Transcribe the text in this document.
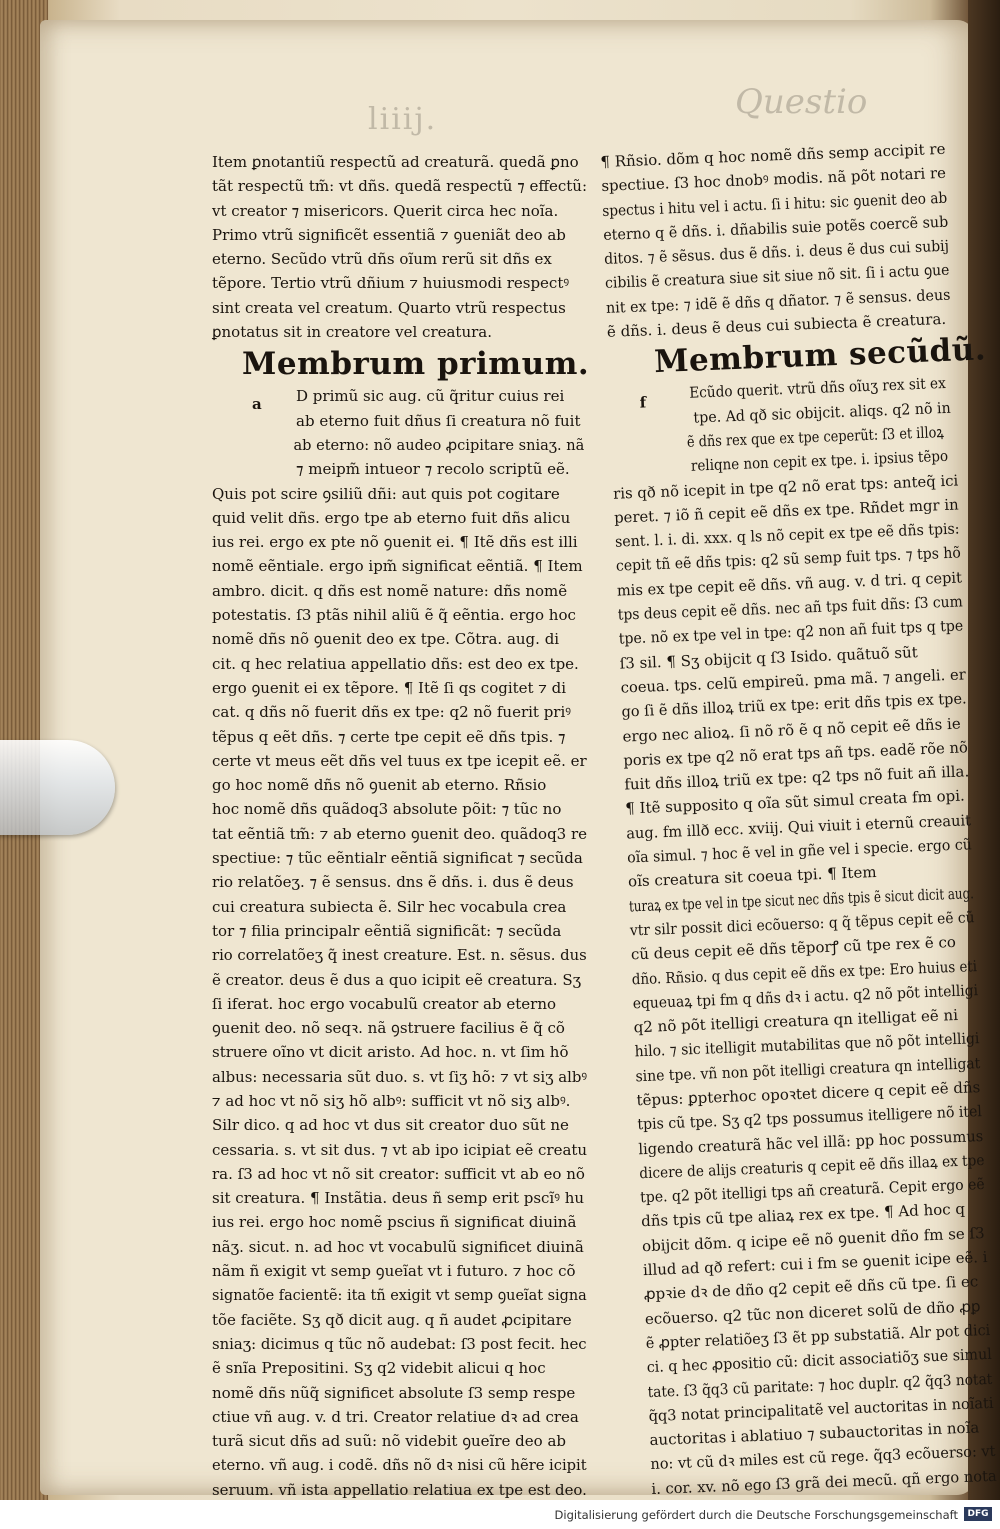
liiij.	Questio
Item ꝑnotantiũ respectũ ad creaturã. quedã ꝑno
tãt respectũ tm̃: vt dñs. quedã respectũ ⁊ effectũ:
vt creator ⁊ misericors. Querit circa hec noĩa.
Primo vtrũ significẽt essentiã ⁊ ꝯueniãt deo ab
eterno. Secũdo vtrũ dñs oĩum rerũ sit dñs ex
tẽpore. Tertio vtrũ dñium ⁊ huiusmodi respectꝰ
sint creata vel creatum. Quarto vtrũ respectus
ꝑnotatus sit in creatore vel creatura.
Membrum primum.
a	D primũ sic aug. cũ q̃ritur cuius rei
ab eterno fuit dñus ſi creatura nõ fuit
ab eterno: nõ audeo ꝓcipitare sniaʒ. nã
⁊ meipm̃ intueor ⁊ recolo scriptũ eẽ.
Quis pot scire ꝯsiliũ dñi: aut quis pot cogitare
quid velit dñs. ergo tpe ab eterno fuit dñs alicu
ius rei. ergo ex pte nõ ꝯuenit ei. ¶ Itẽ dñs est illi
nomẽ eẽntiale. ergo ipm̃ significat eẽntiã. ¶ Item
ambro. dicit. q dñs est nomẽ nature: dñs nomẽ
potestatis. ſ3 ptãs nihil aliũ ẽ q̃ eẽntia. ergo hoc
nomẽ dñs nõ ꝯuenit deo ex tpe. Cõtra. aug. di
cit. q hec relatiua appellatio dñs: est deo ex tpe.
ergo ꝯuenit ei ex tẽpore. ¶ Itẽ ſi qs cogitet ⁊ di
cat. q dñs nõ fuerit dñs ex tpe: q2 nõ fuerit priꝰ
tẽpus q eẽt dñs. ⁊ certe tpe cepit eẽ dñs tpis. ⁊
certe vt meus eẽt dñs vel tuus ex tpe icepit eẽ. er
go hoc nomẽ dñs nõ ꝯuenit ab eterno. Rñsio
hoc nomẽ dñs quãdoq3 absolute põit: ⁊ tũc no
tat eẽntiã tm̃: ⁊ ab eterno ꝯuenit deo. quãdoq3 re
spectiue: ⁊ tũc eẽntialr eẽntiã significat ⁊ secũda
rio relatõeʒ. ⁊ ẽ sensus. dns ẽ dñs. i. dus ẽ deus
cui creatura subiecta ẽ. Silr hec vocabula crea
tor ⁊ filia principalr eẽntiã significãt: ⁊ secũda
rio correlatõeʒ q̃ inest creature. Est. n. sẽsus. dus
ẽ creator. deus ẽ dus a quo icipit eẽ creatura. Sʒ
ſi iferat. hoc ergo vocabulũ creator ab eterno
ꝯuenit deo. nõ seqꝛ. nã ꝯstruere facilius ẽ q̃ cõ
struere oĩno vt dicit aristo. Ad hoc. n. vt ſim hõ
albus: necessaria sũt duo. s. vt ſiʒ hõ: ⁊ vt siʒ albꝰ
⁊ ad hoc vt nõ siʒ hõ albꝰ: sufficit vt nõ siʒ albꝰ.
Silr dico. q ad hoc vt dus sit creator duo sũt ne
cessaria. s. vt sit dus. ⁊ vt ab ipo icipiat eẽ creatu
ra. ſ3 ad hoc vt nõ sit creator: sufficit vt ab eo nõ
sit creatura. ¶ Instãtia. deus ñ semp erit pscĩꝰ hu
ius rei. ergo hoc nomẽ pscius ñ significat diuinã
nãʒ. sicut. n. ad hoc vt vocabulũ significet diuinã
nãm ñ exigit vt semp ꝯueĩat vt i futuro. ⁊ hoc cõ
signatõe facientẽ: ita tñ exigit vt semp ꝯueĩat signa
tõe faciẽte. Sʒ qð dicit aug. q ñ audet ꝓcipitare
sniaʒ: dicimus q tũc nõ audebat: ſ3 post fecit. hec
ẽ snĩa Prepositini. Sʒ q2 videbit alicui q hoc
nomẽ dñs nũq̃ significet absolute ſ3 semp respe
ctiue vñ aug. v. d tri. Creator relatiue dꝛ ad crea
turã sicut dñs ad suũ: nõ videbit ꝯueĩre deo ab
eterno. vñ aug. i codẽ. dñs nõ dꝛ nisi cũ hẽre icipit
seruum. vñ ista appellatio relatiua ex tpe est deo.
¶ Rñsio. dõm q hoc nomẽ dñs semp accipit re
spectiue. ſ3 hoc dnobꝰ modis. nã põt notari re
spectus i hitu vel i actu. ſi i hitu: sic ꝯuenit deo ab
eterno q ẽ dñs. i. dñabilis suie potẽs coercẽ sub
ditos. ⁊ ẽ sẽsus. dus ẽ dñs. i. deus ẽ dus cui subij
cibilis ẽ creatura siue sit siue nõ sit. ſi i actu ꝯue
nit ex tpe: ⁊ idẽ ẽ dñs q dñator. ⁊ ẽ sensus. deus
ẽ dñs. i. deus ẽ deus cui subiecta ẽ creatura.
Membrum secũdũ.
f
Ecũdo querit. vtrũ dñs oĩuʒ rex sit ex
tpe. Ad qð sic obijcit. aliqs. q2 nõ in
ẽ dñs rex que ex tpe ceperũt: ſ3 et illoꝝ
reliqne non cepit ex tpe. i. ipsius tẽpo
ris qð nõ icepit in tpe q2 nõ erat tps: anteq̃ ici
peret. ⁊ iõ ñ cepit eẽ dñs ex tpe. Rñdet mgr in
sent. l. i. di. xxx. q ls nõ cepit ex tpe eẽ dñs tpis:
cepit tñ eẽ dñs tpis: q2 sũ semp fuit tps. ⁊ tps hõ
mis ex tpe cepit eẽ dñs. vñ aug. v. d tri. q cepit
tps deus cepit eẽ dñs. nec añ tps fuit dñs: ſ3 cum
tpe. nõ ex tpe vel in tpe: q2 non añ fuit tps q tpe
ſ3 sil. ¶ Sʒ obijcit q ſ3 Isido. quãtuõ sũt
coeua. tps. celũ empireũ. pma mã. ⁊ angeli. er
go ſi ẽ dñs illoꝝ triũ ex tpe: erit dñs tpis ex tpe.
ergo nec alioꝝ. ſi nõ rõ ẽ q nõ cepit eẽ dñs ie
poris ex tpe q2 nõ erat tps añ tps. eadẽ rõe nõ
fuit dñs illoꝝ triũ ex tpe: q2 tps nõ fuit añ illa.
¶ Itẽ supposito q oĩa sũt simul creata fm opi.
aug. fm illð ecc. xviij. Qui viuit i eternũ creauit
oĩa simul. ⁊ hoc ẽ vel in gñe vel i specie. ergo cũ
oĩs creatura sit coeua tpi. ¶ Item
turaꝝ ex tpe vel in tpe sicut nec dñs tpis ẽ sicut dicit aug.
vtr silr possit dici ecõuerso: q q̃ tẽpus cepit eẽ cũ
cũ deus cepit eẽ dñs tẽporꝭ cũ tpe rex ẽ co
dño. Rñsio. q dus cepit eẽ dñs ex tpe: Ero huius eti
equeuaꝝ tpi fm q dñs dꝛ i actu. q2 nõ põt intelligi
q2 nõ põt itelligi creatura qn itelligat eẽ ni
hilo. ⁊ sic itelligit mutabilitas que nõ põt intelligi
sine tpe. vñ non põt itelligi creatura qn intelligat
tẽpus: ꝑpterhoc opoꝛtet dicere q cepit eẽ dñs
tpis cũ tpe. Sʒ q2 tps possumus itelligere nõ itel
ligendo creaturã hãc vel illã: pp hoc possumus
dicere de alijs creaturis q cepit eẽ dñs illaꝝ ex tpe
tpe. q2 põt itelligi tps añ creaturã. Cepit ergo eẽ
dñs tpis cũ tpe aliaꝝ rex ex tpe. ¶ Ad hoc q
obijcit dõm. q icipe eẽ nõ ꝯuenit dño fm se ſ3
illud ad qð refert: cui i fm se ꝯuenit icipe eẽ. i
ꝓpꝛie dꝛ de dño q2 cepit eẽ dñs cũ tpe. ſi ec
ecõuerso. q2 tũc non diceret solũ de dño ꝓꝑ
ẽ ꝓpter relatiõeʒ ſ3 ẽt pp substatiã. Alr pot dici
ci. q hec ꝓpositio cũ: dicit associatiõʒ sue simul
tate. ſ3 q̃q3 cũ paritate: ⁊ hoc duplr. q2 q̃q3 notat
q̃q3 notat principalitatẽ vel auctoritas in noĩati
auctoritas i ablatiuo ⁊ subauctoritas in noĩa
no: vt cũ dꝛ miles est cũ rege. q̃q3 ecõuerso: vt
i. cor. xv. nõ ego ſ3 grã dei mecũ. qñ ergo nota
Digitalisierung gefördert durch die Deutsche Forschungsgemeinschaft	DFG
